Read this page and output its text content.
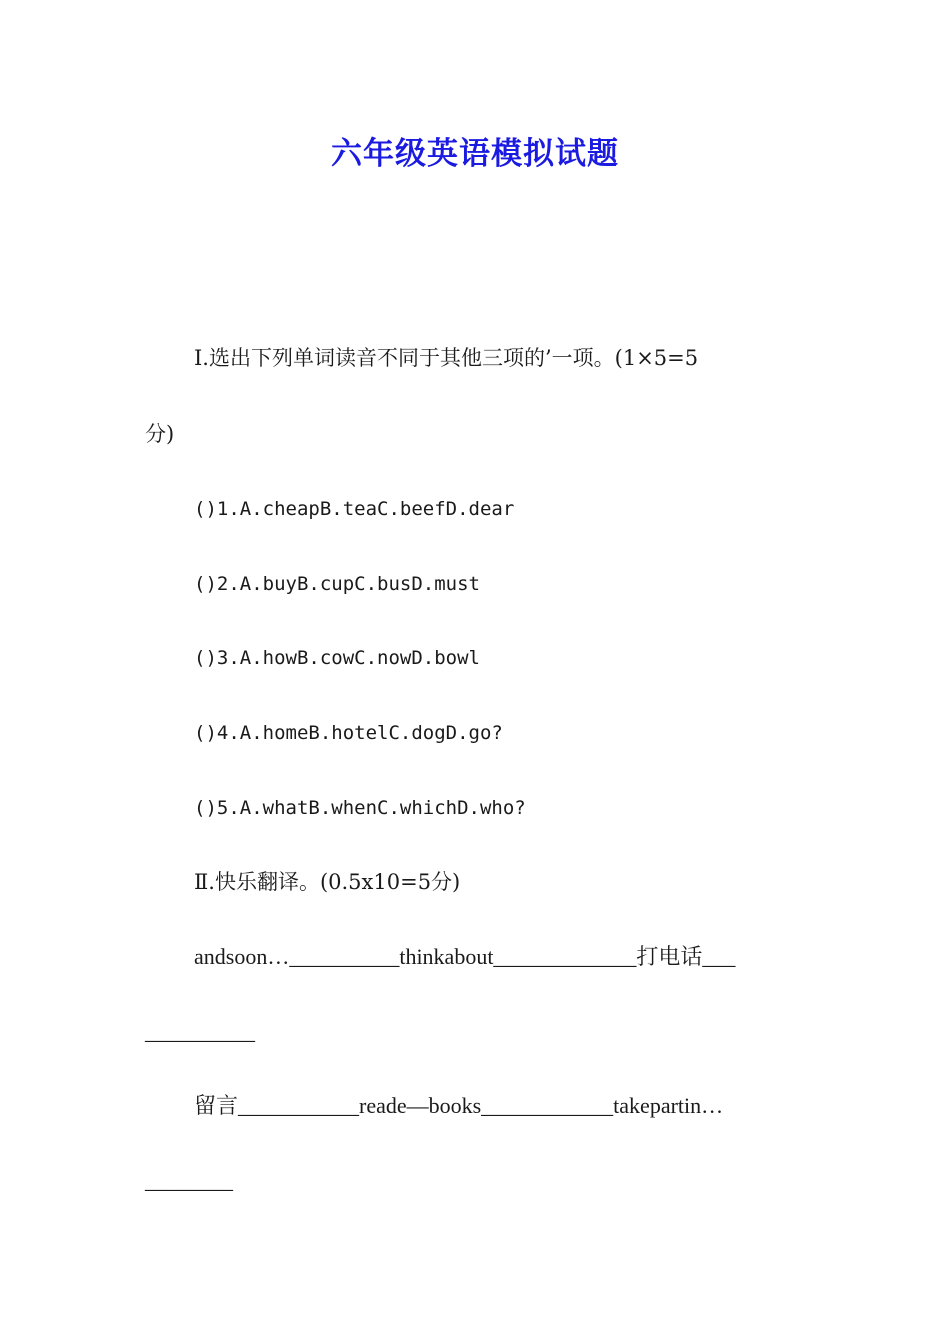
六年级英语模拟试题
Ⅰ.选出下列单词读音不同于其他三项的’一项。(1×5=5
分)
()1.A.cheapB.teaC.beefD.dear
()2.A.buyB.cupC.busD.must
()3.A.howB.cowC.nowD.bowl
()4.A.homeB.hotelC.dogD.go?
()5.A.whatB.whenC.whichD.who?
Ⅱ.快乐翻译。(0.5x10=5分)
andsoon…__________thinkabout_____________打电话___
__________
留言___________reade—books____________takepartin…
________
